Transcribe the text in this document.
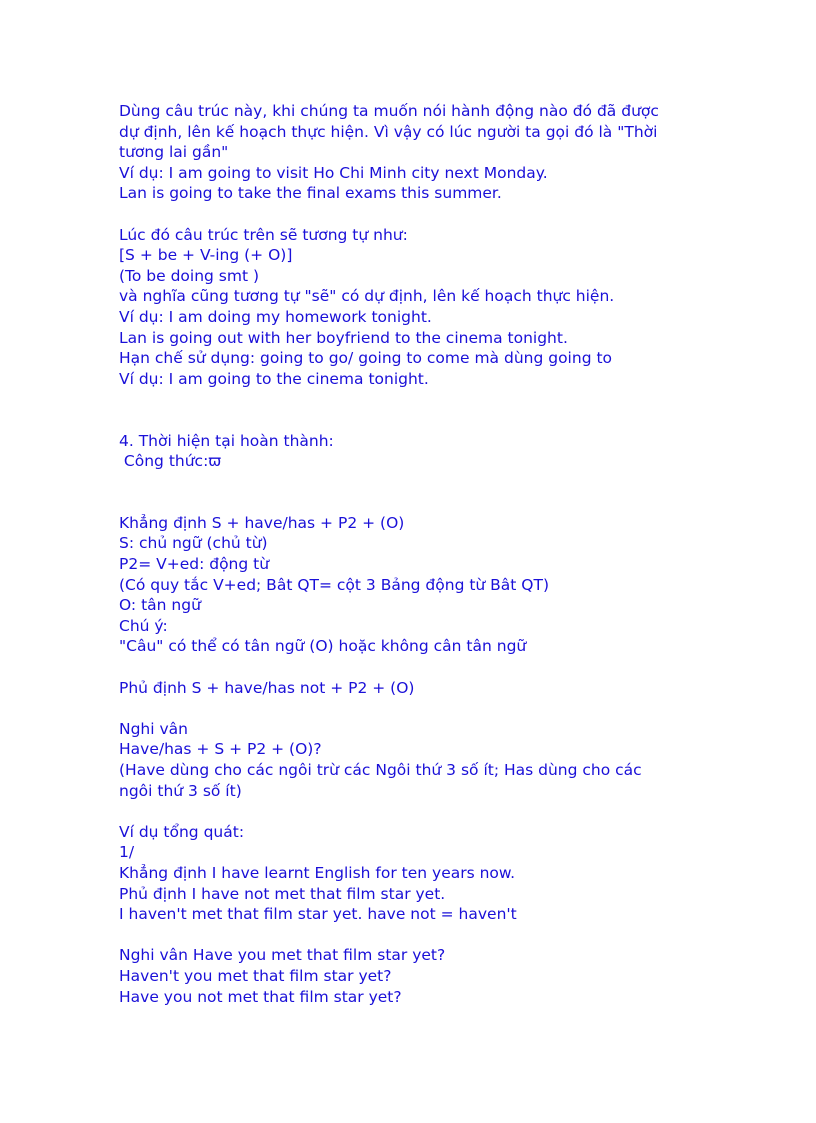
Dùng câu trúc này, khi chúng ta muốn nói hành động nào đó đã được
dự định, lên kế hoạch thực hiện. Vì vậy có lúc người ta gọi đó là "Thời
tương lai gần"
Ví dụ: I am going to visit Ho Chi Minh city next Monday.
Lan is going to take the final exams this summer.
Lúc đó câu trúc trên sẽ tương tự như:
[S + be + V-ing (+ O)]
(To be doing smt )
và nghĩa cũng tương tự "sẽ" có dự định, lên kế hoạch thực hiện.
Ví dụ: I am doing my homework tonight.
Lan is going out with her boyfriend to the cinema tonight.
Hạn chế sử dụng: going to go/ going to come mà dùng going to
Ví dụ: I am going to the cinema tonight.
4. Thời hiện tại hoàn thành:
Công thức:ϖ
Khẳng định S + have/has + P2 + (O)
S: chủ ngữ (chủ từ)
P2= V+ed: động từ
(Có quy tắc V+ed; Bât QT= cột 3 Bảng động từ Bât QT)
O: tân ngữ
Chú ý:
"Câu" có thể có tân ngữ (O) hoặc không cân tân ngữ
Phủ định S + have/has not + P2 + (O)
Nghi vân
Have/has + S + P2 + (O)?
(Have dùng cho các ngôi trừ các Ngôi thứ 3 số ít; Has dùng cho các
ngôi thứ 3 số ít)
Ví dụ tổng quát:
1/
Khẳng định I have learnt English for ten years now.
Phủ định I have not met that film star yet.
I haven't met that film star yet. have not = haven't
Nghi vân Have you met that film star yet?
Haven't you met that film star yet?
Have you not met that film star yet?
